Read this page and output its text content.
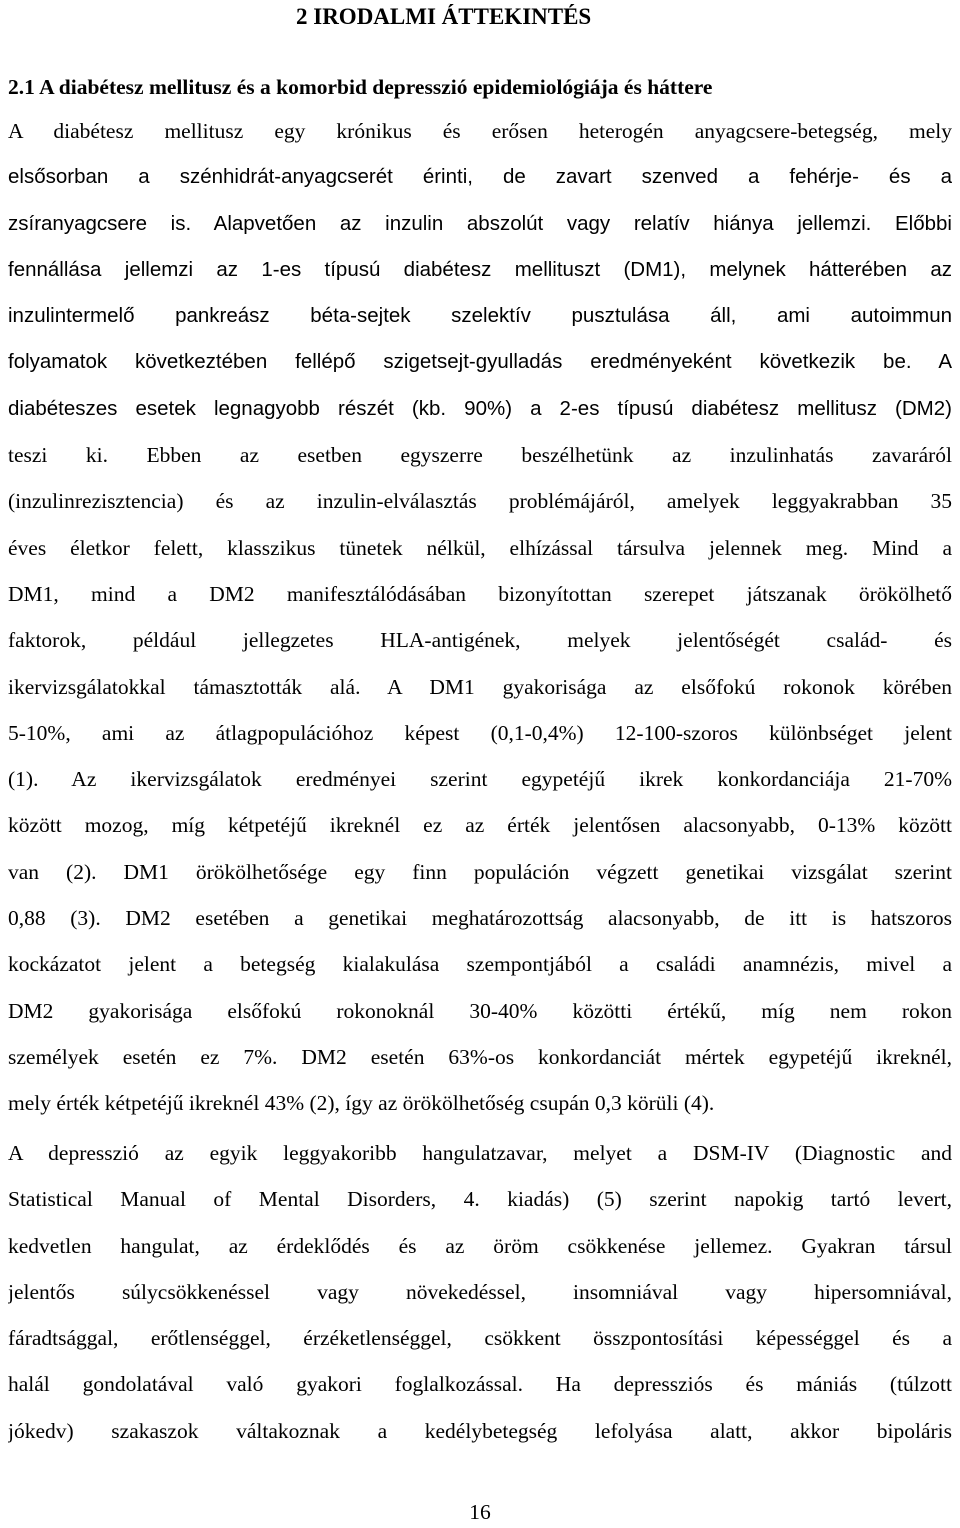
2 IRODALMI ÁTTEKINTÉS
2.1 A diabétesz mellitusz és a komorbid depresszió epidemiológiája és háttere
A diabétesz mellitusz egy krónikus és erősen heterogén anyagcsere-betegség, mely
elsősorban a szénhidrát-anyagcserét érinti, de zavart szenved a fehérje- és a
zsíranyagcsere is. Alapvetően az inzulin abszolút vagy relatív hiánya jellemzi. Előbbi
fennállása jellemzi az 1-es típusú diabétesz mellituszt (DM1), melynek hátterében az
inzulintermelő pankreász béta-sejtek szelektív pusztulása áll, ami autoimmun
folyamatok következtében fellépő szigetsejt-gyulladás eredményeként következik be. A
diabéteszes esetek legnagyobb részét (kb. 90%) a 2-es típusú diabétesz mellitusz (DM2)
teszi ki. Ebben az esetben egyszerre beszélhetünk az inzulinhatás zavaráról
(inzulinrezisztencia) és az inzulin-elválasztás problémájáról, amelyek leggyakrabban 35
éves életkor felett, klasszikus tünetek nélkül, elhízással társulva jelennek meg. Mind a
DM1, mind a DM2 manifesztálódásában bizonyítottan szerepet játszanak örökölhető
faktorok, például jellegzetes HLA-antigének, melyek jelentőségét család- és
ikervizsgálatokkal támasztották alá. A DM1 gyakorisága az elsőfokú rokonok körében
5-10%, ami az átlagpopulációhoz képest (0,1-0,4%) 12-100-szoros különbséget jelent
(1). Az ikervizsgálatok eredményei szerint egypetéjű ikrek konkordanciája 21-70%
között mozog, míg kétpetéjű ikreknél ez az érték jelentősen alacsonyabb, 0-13% között
van (2). DM1 örökölhetősége egy finn populáción végzett genetikai vizsgálat szerint
0,88 (3). DM2 esetében a genetikai meghatározottság alacsonyabb, de itt is hatszoros
kockázatot jelent a betegség kialakulása szempontjából a családi anamnézis, mivel a
DM2 gyakorisága elsőfokú rokonoknál 30-40% közötti értékű, míg nem rokon
személyek esetén ez 7%. DM2 esetén 63%-os konkordanciát mértek egypetéjű ikreknél,
mely érték kétpetéjű ikreknél 43% (2), így az örökölhetőség csupán 0,3 körüli (4).
A depresszió az egyik leggyakoribb hangulatzavar, melyet a DSM-IV (Diagnostic and
Statistical Manual of Mental Disorders, 4. kiadás) (5) szerint napokig tartó levert,
kedvetlen hangulat, az érdeklődés és az öröm csökkenése jellemez. Gyakran társul
jelentős súlycsökkenéssel vagy növekedéssel, insomniával vagy hipersomniával,
fáradtsággal, erőtlenséggel, érzéketlenséggel, csökkent összpontosítási képességgel és a
halál gondolatával való gyakori foglalkozással. Ha depressziós és mániás (túlzott
jókedv) szakaszok váltakoznak a kedélybetegség lefolyása alatt, akkor bipoláris
16
